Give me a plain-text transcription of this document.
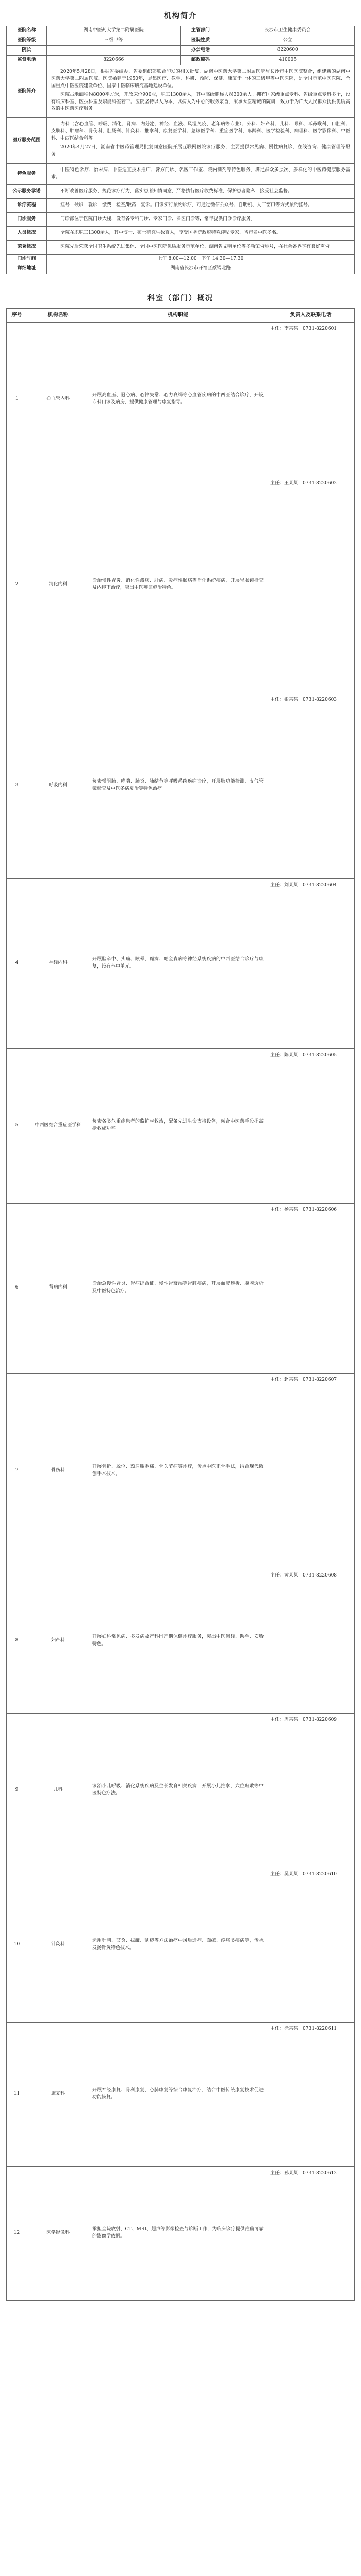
机构简介
医院名称	湖南中医药大学第二附属医院	主管部门	长沙市卫生健康委员会
医院等级	三级甲等	医院性质	公立
院长		办公电话	8220600
监督电话	8220666	邮政编码	410005
医院简介	2020年5月28日，根据省委编办、省委组织部联合印发的相关批复，湖南中医药大学第二附属医院与长沙市中医医院整合，组建新的湖南中医药大学第二附属医院。医院始建于1950年，是集医疗、教学、科研、预防、保健、康复于一体的三级甲等中医医院，是全国示范中医医院、全国重点中医医院建设单位、国家中医临床研究基地建设单位。

医院占地面积约8000平方米，开放床位900张，职工1300余人，其中高级职称人员300余人。拥有国家级重点专科、省级重点专科多个，设有临床科室、医技科室及职能科室若干。医院坚持以人为本、以病人为中心的服务宗旨，秉承大医精诚的院训，致力于为广大人民群众提供优质高效的中医药医疗服务。		

医疗服务范围	内科（含心血管、呼吸、消化、肾病、内分泌、神经、血液、风湿免疫、老年病等专业）、外科、妇产科、儿科、眼科、耳鼻喉科、口腔科、皮肤科、肿瘤科、骨伤科、肛肠科、针灸科、推拿科、康复医学科、急诊医学科、重症医学科、麻醉科、医学检验科、病理科、医学影像科、中医科、中西医结合科等。

2020年4月27日，湖南省中医药管理局批复同意医院开展互联网医院诊疗服务，主要提供常见病、慢性病复诊、在线咨询、健康管理等服务。		

特色服务	中医特色诊疗、治未病、中医适宜技术推广、膏方门诊、名医工作室、院内制剂等特色服务，满足群众多层次、多样化的中医药健康服务需求。		
公示服务承诺	不断改善医疗服务，规范诊疗行为，落实患者知情同意，严格执行医疗收费标准，保护患者隐私，接受社会监督。		
诊疗流程	挂号—候诊—就诊—缴费—检查/取药—复诊。门诊实行预约诊疗，可通过微信公众号、自助机、人工窗口等方式预约挂号。		
门诊服务	门诊部位于医院门诊大楼，设有各专科门诊、专家门诊、名医门诊等，常年提供门诊诊疗服务。		
人员概况	全院在职职工1300余人，其中博士、硕士研究生数百人，享受国务院政府特殊津贴专家、省市名中医多名。		
荣誉概况	医院先后荣获全国卫生系统先进集体、全国中医医院优质服务示范单位、湖南省文明单位等多项荣誉称号，在社会各界享有良好声誉。		
门诊时间	上午 8:00—12:00　下午 14:30—17:30		
详细地址	湖南省长沙市开福区蔡锷北路		
科室（部门）概况
序号	机构名称	机构职能	负责人及联系电话
1	心血管内科	开展高血压、冠心病、心律失常、心力衰竭等心血管疾病的中西医结合诊疗，开设专科门诊及病房，提供健康管理与康复指导。	主任：李某某　0731-8220601
2	消化内科	诊治慢性胃炎、消化性溃疡、肝病、炎症性肠病等消化系统疾病，开展胃肠镜检查及内镜下治疗，突出中医辨证施治特色。	主任：王某某　0731-8220602
3	呼吸内科	负责慢阻肺、哮喘、肺炎、肺结节等呼吸系统疾病诊疗，开展肺功能检测、支气管镜检查及中医冬病夏治等特色治疗。	主任：张某某　0731-8220603
4	神经内科	开展脑卒中、头痛、眩晕、癫痫、帕金森病等神经系统疾病的中西医结合诊疗与康复，设有卒中单元。	主任：刘某某　0731-8220604
5	中西医结合重症医学科	负责各类危重症患者的监护与救治，配备先进生命支持设备，融合中医药手段提高抢救成功率。	主任：陈某某　0731-8220605
6	肾病内科	诊治急慢性肾炎、肾病综合征、慢性肾衰竭等肾脏疾病，开展血液透析、腹膜透析及中医特色治疗。	主任：杨某某　0731-8220606
7	骨伤科	开展骨折、脱位、颈肩腰腿痛、骨关节病等诊疗，传承中医正骨手法，结合现代微创手术技术。	主任：赵某某　0731-8220607
8	妇产科	开展妇科常见病、多发病及产科围产期保健诊疗服务，突出中医调经、助孕、安胎特色。	主任：黄某某　0731-8220608
9	儿科	诊治小儿呼吸、消化系统疾病及生长发育相关疾病，开展小儿推拿、穴位贴敷等中医特色疗法。	主任：周某某　0731-8220609
10	针灸科	运用针刺、艾灸、拔罐、刮痧等方法治疗中风后遗症、面瘫、疼痛类疾病等，传承发扬针灸特色技术。	主任：吴某某　0731-8220610
11	康复科	开展神经康复、骨科康复、心肺康复等综合康复治疗，结合中医传统康复技术促进功能恢复。	主任：徐某某　0731-8220611
12	医学影像科	承担全院放射、CT、MRI、超声等影像检查与诊断工作，为临床诊疗提供准确可靠的影像学依据。	主任：孙某某　0731-8220612
